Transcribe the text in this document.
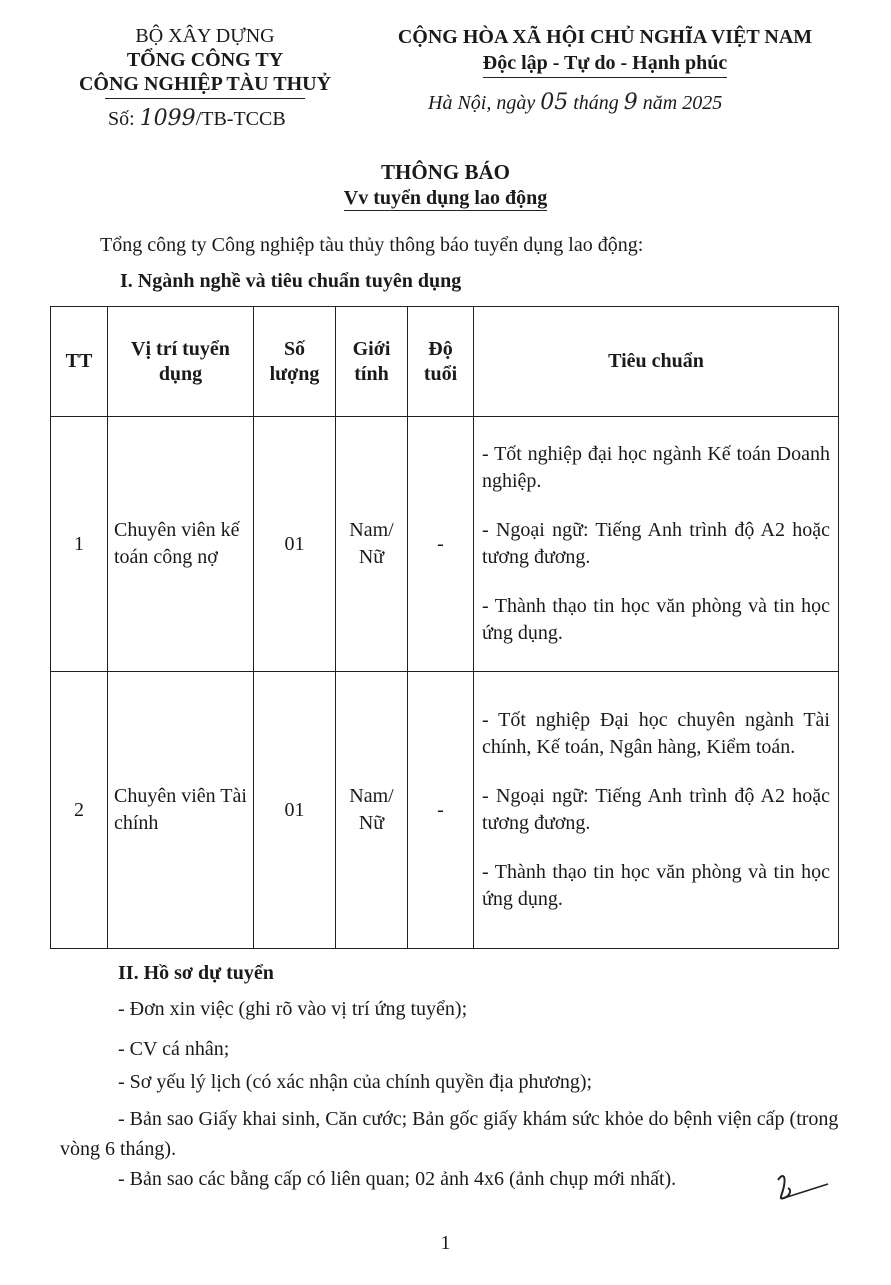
BỘ XÂY DỰNG
TỔNG CÔNG TY
CÔNG NGHIỆP TÀU THUỶ
Số: 1099/TB-TCCB
CỘNG HÒA XÃ HỘI CHỦ NGHĨA VIỆT NAM
Độc lập - Tự do - Hạnh phúc
Hà Nội, ngày 05 tháng 9 năm 2025
THÔNG BÁO
Vv tuyển dụng lao động
Tổng công ty Công nghiệp tàu thủy thông báo tuyển dụng lao động:
I. Ngành nghề và tiêu chuẩn tuyên dụng
TT	Vị trí tuyển dụng	Số lượng	Giới tính	Độ tuổi	Tiêu chuẩn
1	Chuyên viên kế toán công nợ	01	Nam/ Nữ	-	- Tốt nghiệp đại học ngành Kế toán Doanh nghiệp.

- Ngoại ngữ: Tiếng Anh trình độ A2 hoặc tương đương.

- Thành thạo tin học văn phòng và tin học ứng dụng.

2	Chuyên viên Tài chính	01	Nam/ Nữ	-	- Tốt nghiệp Đại học chuyên ngành Tài chính, Kế toán, Ngân hàng, Kiểm toán.

- Ngoại ngữ: Tiếng Anh trình độ A2 hoặc tương đương.

- Thành thạo tin học văn phòng và tin học ứng dụng.

II. Hồ sơ dự tuyển
- Đơn xin việc (ghi rõ vào vị trí ứng tuyển);
- CV cá nhân;
- Sơ yếu lý lịch (có xác nhận của chính quyền địa phương);
- Bản sao Giấy khai sinh, Căn cước; Bản gốc giấy khám sức khỏe do bệnh viện cấp (trong vòng 6 tháng).
- Bản sao các bằng cấp có liên quan; 02 ảnh 4x6 (ảnh chụp mới nhất).
1
